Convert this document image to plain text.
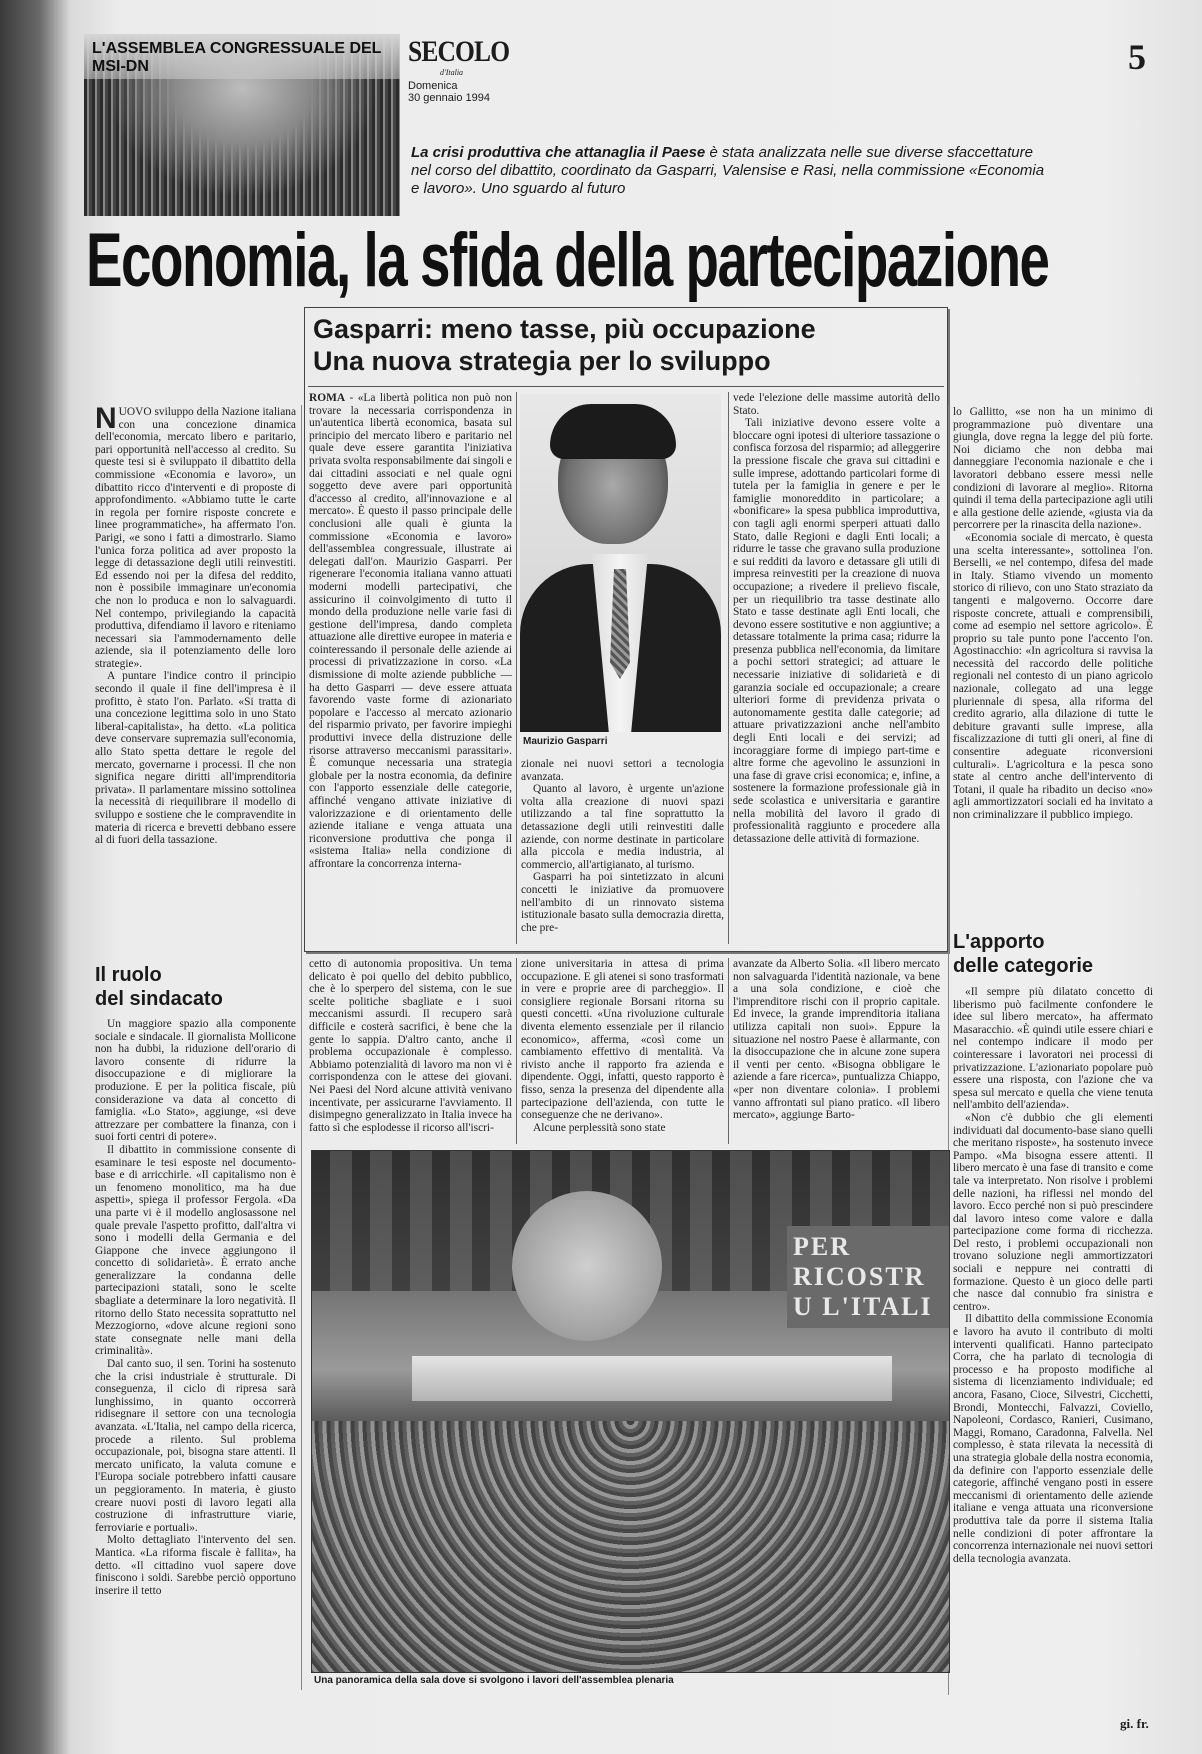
L'ASSEMBLEA CONGRESSUALE DEL MSI-DN	SECOLO
d'Italia
Domenica
30 gennaio 1994
5
La crisi produttiva che attanaglia il Paese è stata analizzata nelle sue diverse sfaccettature nel corso del dibattito, coordinato da Gasparri, Valensise e Rasi, nella commissione «Economia e lavoro». Uno sguardo al futuro
Economia, la sfida della partecipazione

NUOVO sviluppo della Nazione italiana con una concezione dinamica dell'economia, mercato libero e paritario, pari opportunità nell'accesso al credito. Su queste tesi si è sviluppato il dibattito della commissione «Economia e lavoro», un dibattito ricco d'interventi e di proposte di approfondimento. «Abbiamo tutte le carte in regola per fornire risposte concrete e linee programmatiche», ha affermato l'on. Parigi, «e sono i fatti a dimostrarlo. Siamo l'unica forza politica ad aver proposto la legge di detassazione degli utili reinvestiti. Ed essendo noi per la difesa del reddito, non è possibile immaginare un'economia che non lo produca e non lo salvaguardi. Nel contempo, privilegiando la capacità produttiva, difendiamo il lavoro e riteniamo necessari sia l'ammodernamento delle aziende, sia il potenziamento delle loro strategie».

A puntare l'indice contro il principio secondo il quale il fine dell'impresa è il profitto, è stato l'on. Parlato. «Si tratta di una concezione legittima solo in uno Stato liberal-capitalista», ha detto. «La politica deve conservare supremazia sull'economia, allo Stato spetta dettare le regole del mercato, governarne i processi. Il che non significa negare diritti all'imprenditoria privata». Il parlamentare missino sottolinea la necessità di riequilibrare il modello di sviluppo e sostiene che le compravendite in materia di ricerca e brevetti debbano essere al di fuori della tassazione.

Il ruolo
del sindacato

Un maggiore spazio alla componente sociale e sindacale. Il giornalista Mollicone non ha dubbi, la riduzione dell'orario di lavoro consente di ridurre la disoccupazione e di migliorare la produzione. E per la politica fiscale, più considerazione va data al concetto di famiglia. «Lo Stato», aggiunge, «si deve attrezzare per combattere la finanza, con i suoi forti centri di potere».

Il dibattito in commissione consente di esaminare le tesi esposte nel documento-base e di arricchirle. «Il capitalismo non è un fenomeno monolitico, ma ha due aspetti», spiega il professor Fergola. «Da una parte vi è il modello anglosassone nel quale prevale l'aspetto profitto, dall'altra vi sono i modelli della Germania e del Giappone che invece aggiungono il concetto di solidarietà». È errato anche generalizzare la condanna delle partecipazioni statali, sono le scelte sbagliate a determinare la loro negatività. Il ritorno dello Stato necessita soprattutto nel Mezzogiorno, «dove alcune regioni sono state consegnate nelle mani della criminalità».

Dal canto suo, il sen. Torini ha sostenuto che la crisi industriale è strutturale. Di conseguenza, il ciclo di ripresa sarà lunghissimo, in quanto occorrerà ridisegnare il settore con una tecnologia avanzata. «L'Italia, nel campo della ricerca, procede a rilento. Sul problema occupazionale, poi, bisogna stare attenti. Il mercato unificato, la valuta comune e l'Europa sociale potrebbero infatti causare un peggioramento. In materia, è giusto creare nuovi posti di lavoro legati alla costruzione di infrastrutture viarie, ferroviarie e portuali».

Molto dettagliato l'intervento del sen. Mantica. «La riforma fiscale è fallita», ha detto. «Il cittadino vuol sapere dove finiscono i soldi. Sarebbe perciò opportuno inserire il tetto

Gasparri: meno tasse, più occupazione
Una nuova strategia per lo sviluppo

ROMA - «La libertà politica non può non trovare la necessaria corrispondenza in un'autentica libertà economica, basata sul principio del mercato libero e paritario nel quale deve essere garantita l'iniziativa privata svolta responsabilmente dai singoli e dai cittadini associati e nel quale ogni soggetto deve avere pari opportunità d'accesso al credito, all'innovazione e al mercato». È questo il passo principale delle conclusioni alle quali è giunta la commissione «Economia e lavoro» dell'assemblea congressuale, illustrate ai delegati dall'on. Maurizio Gasparri. Per rigenerare l'economia italiana vanno attuati moderni modelli partecipativi, che assicurino il coinvolgimento di tutto il mondo della produzione nelle varie fasi di gestione dell'impresa, dando completa attuazione alle direttive europee in materia e cointeressando il personale delle aziende ai processi di privatizzazione in corso. «La dismissione di molte aziende pubbliche — ha detto Gasparri — deve essere attuata favorendo vaste forme di azionariato popolare e l'accesso al mercato azionario del risparmio privato, per favorire impieghi produttivi invece della distruzione delle risorse attraverso meccanismi parassitari». È comunque necessaria una strategia globale per la nostra economia, da definire con l'apporto essenziale delle categorie, affinché vengano attivate iniziative di valorizzazione e di orientamento delle aziende italiane e venga attuata una riconversione produttiva che ponga il «sistema Italia» nella condizione di affrontare la concorrenza interna-

Maurizio Gasparri

zionale nei nuovi settori a tecnologia avanzata.

Quanto al lavoro, è urgente un'azione volta alla creazione di nuovi spazi utilizzando a tal fine soprattutto la detassazione degli utili reinvestiti dalle aziende, con norme destinate in particolare alla piccola e media industria, al commercio, all'artigianato, al turismo.

Gasparri ha poi sintetizzato in alcuni concetti le iniziative da promuovere nell'ambito di un rinnovato sistema istituzionale basato sulla democrazia diretta, che pre-

vede l'elezione delle massime autorità dello Stato.

Tali iniziative devono essere volte a bloccare ogni ipotesi di ulteriore tassazione o confisca forzosa del risparmio; ad alleggerire la pressione fiscale che grava sui cittadini e sulle imprese, adottando particolari forme di tutela per la famiglia in genere e per le famiglie monoreddito in particolare; a «bonificare» la spesa pubblica improduttiva, con tagli agli enormi sperperi attuati dallo Stato, dalle Regioni e dagli Enti locali; a ridurre le tasse che gravano sulla produzione e sui redditi da lavoro e detassare gli utili di impresa reinvestiti per la creazione di nuova occupazione; a rivedere il prelievo fiscale, per un riequilibrio tra tasse destinate allo Stato e tasse destinate agli Enti locali, che devono essere sostitutive e non aggiuntive; a detassare totalmente la prima casa; ridurre la presenza pubblica nell'economia, da limitare a pochi settori strategici; ad attuare le necessarie iniziative di solidarietà e di garanzia sociale ed occupazionale; a creare ulteriori forme di previdenza privata o autonomamente gestita dalle categorie; ad attuare privatizzazioni anche nell'ambito degli Enti locali e dei servizi; ad incoraggiare forme di impiego part-time e altre forme che agevolino le assunzioni in una fase di grave crisi economica; e, infine, a sostenere la formazione professionale già in sede scolastica e universitaria e garantire nella mobilità del lavoro il grado di professionalità raggiunto e procedere alla detassazione delle attività di formazione.

cetto di autonomia propositiva. Un tema delicato è poi quello del debito pubblico, che è lo sperpero del sistema, con le sue scelte politiche sbagliate e i suoi meccanismi assurdi. Il recupero sarà difficile e costerà sacrifici, è bene che la gente lo sappia. D'altro canto, anche il problema occupazionale è complesso. Abbiamo potenzialità di lavoro ma non vi è corrispondenza con le attese dei giovani. Nei Paesi del Nord alcune attività venivano incentivate, per assicurarne l'avviamento. Il disimpegno generalizzato in Italia invece ha fatto sì che esplodesse il ricorso all'iscri-

zione universitaria in attesa di prima occupazione. E gli atenei si sono trasformati in vere e proprie aree di parcheggio». Il consigliere regionale Borsani ritorna su questi concetti. «Una rivoluzione culturale diventa elemento essenziale per il rilancio economico», afferma, «così come un cambiamento effettivo di mentalità. Va rivisto anche il rapporto fra azienda e dipendente. Oggi, infatti, questo rapporto è fisso, senza la presenza del dipendente alla partecipazione dell'azienda, con tutte le conseguenze che ne derivano».

Alcune perplessità sono state

avanzate da Alberto Solia. «Il libero mercato non salvaguarda l'identità nazionale, va bene a una sola condizione, e cioè che l'imprenditore rischi con il proprio capitale. Ed invece, la grande imprenditoria italiana utilizza capitali non suoi». Eppure la situazione nel nostro Paese è allarmante, con la disoccupazione che in alcune zone supera il venti per cento. «Bisogna obbligare le aziende a fare ricerca», puntualizza Chiappo, «per non diventare colonia». I problemi vanno affrontati sul piano pratico. «Il libero mercato», aggiunge Barto-

PER RICOSTRU L'ITALI
Una panoramica della sala dove si svolgono i lavori dell'assemblea plenaria

lo Gallitto, «se non ha un minimo di programmazione può diventare una giungla, dove regna la legge del più forte. Noi diciamo che non debba mai danneggiare l'economia nazionale e che i lavoratori debbano essere messi nelle condizioni di lavorare al meglio». Ritorna quindi il tema della partecipazione agli utili e alla gestione delle aziende, «giusta via da percorrere per la rinascita della nazione».

«Economia sociale di mercato, è questa una scelta interessante», sottolinea l'on. Berselli, «e nel contempo, difesa del made in Italy. Stiamo vivendo un momento storico di rilievo, con uno Stato straziato da tangenti e malgoverno. Occorre dare risposte concrete, attuali e comprensibili, come ad esempio nel settore agricolo». È proprio su tale punto pone l'accento l'on. Agostinacchio: «In agricoltura si ravvisa la necessità del raccordo delle politiche regionali nel contesto di un piano agricolo nazionale, collegato ad una legge pluriennale di spesa, alla riforma del credito agrario, alla dilazione di tutte le debiture gravanti sulle imprese, alla fiscalizzazione di tutti gli oneri, al fine di consentire adeguate riconversioni culturali». L'agricoltura e la pesca sono state al centro anche dell'intervento di Totani, il quale ha ribadito un deciso «no» agli ammortizzatori sociali ed ha invitato a non criminalizzare il pubblico impiego.

L'apporto
delle categorie

«Il sempre più dilatato concetto di liberismo può facilmente confondere le idee sul libero mercato», ha affermato Masaracchio. «È quindi utile essere chiari e nel contempo indicare il modo per cointeressare i lavoratori nei processi di privatizzazione. L'azionariato popolare può essere una risposta, con l'azione che va spesa sul mercato e quella che viene tenuta nell'ambito dell'azienda».

«Non c'è dubbio che gli elementi individuati dal documento-base siano quelli che meritano risposte», ha sostenuto invece Pampo. «Ma bisogna essere attenti. Il libero mercato è una fase di transito e come tale va interpretato. Non risolve i problemi delle nazioni, ha riflessi nel mondo del lavoro. Ecco perché non si può prescindere dal lavoro inteso come valore e dalla partecipazione come forma di ricchezza. Del resto, i problemi occupazionali non trovano soluzione negli ammortizzatori sociali e neppure nei contratti di formazione. Questo è un gioco delle parti che nasce dal connubio fra sinistra e centro».

Il dibattito della commissione Economia e lavoro ha avuto il contributo di molti interventi qualificati. Hanno partecipato Corra, che ha parlato di tecnologia di processo e ha proposto modifiche al sistema di licenziamento individuale; ed ancora, Fasano, Cioce, Silvestri, Cicchetti, Brondi, Montecchi, Falvazzi, Coviello, Napoleoni, Cordasco, Ranieri, Cusimano, Maggi, Romano, Caradonna, Falvella. Nel complesso, è stata rilevata la necessità di una strategia globale della nostra economia, da definire con l'apporto essenziale delle categorie, affinché vengano posti in essere meccanismi di orientamento delle aziende italiane e venga attuata una riconversione produttiva tale da porre il sistema Italia nelle condizioni di poter affrontare la concorrenza internazionale nei nuovi settori della tecnologia avanzata.

gi. fr.
